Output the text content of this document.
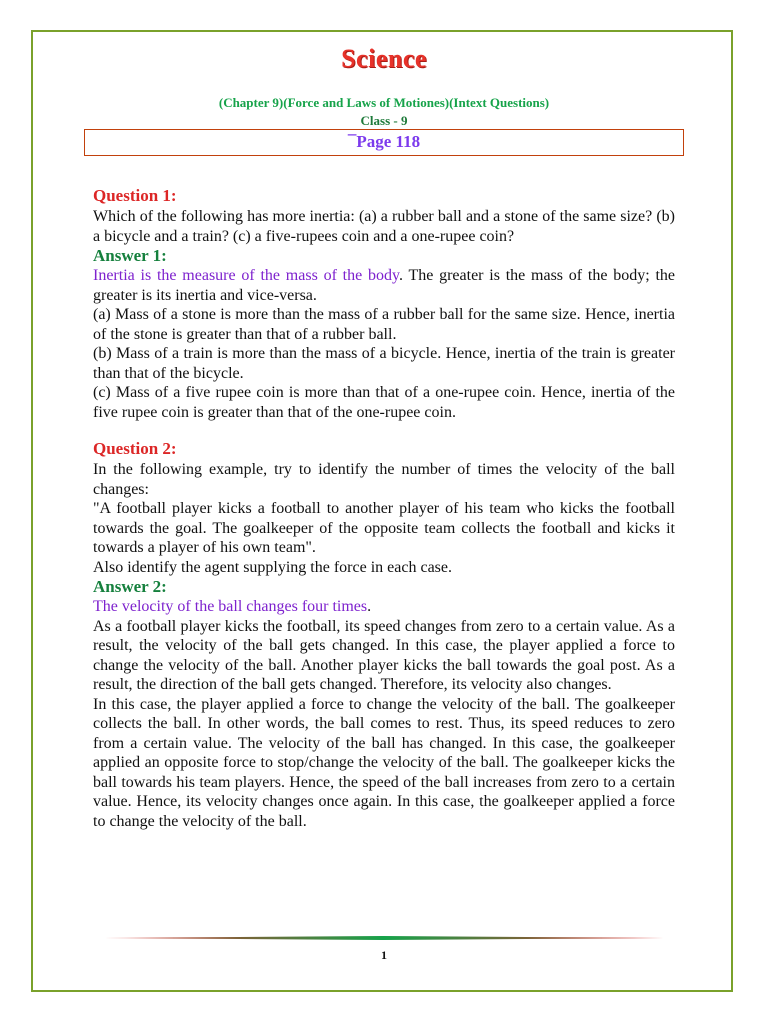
Science
(Chapter 9)(Force and Laws of Motiones)(Intext Questions)
Class - 9
¯Page 118
Question 1:

Which of the following has more inertia: (a) a rubber ball and a stone of the same size? (b) a bicycle and a train? (c) a five-rupees coin and a one-rupee coin?

Answer 1:

Inertia is the measure of the mass of the body. The greater is the mass of the body; the greater is its inertia and vice-versa.

(a) Mass of a stone is more than the mass of a rubber ball for the same size. Hence, inertia of the stone is greater than that of a rubber ball.

(b) Mass of a train is more than the mass of a bicycle. Hence, inertia of the train is greater than that of the bicycle.

(c) Mass of a five rupee coin is more than that of a one-rupee coin. Hence, inertia of the five rupee coin is greater than that of the one-rupee coin.

Question 2:

In the following example, try to identify the number of times the velocity of the ball changes:

"A football player kicks a football to another player of his team who kicks the football towards the goal. The goalkeeper of the opposite team collects the football and kicks it towards a player of his own team".

Also identify the agent supplying the force in each case.

Answer 2:

The velocity of the ball changes four times.

As a football player kicks the football, its speed changes from zero to a certain value. As a result, the velocity of the ball gets changed. In this case, the player applied a force to change the velocity of the ball. Another player kicks the ball towards the goal post. As a result, the direction of the ball gets changed. Therefore, its velocity also changes.

In this case, the player applied a force to change the velocity of the ball. The goalkeeper collects the ball. In other words, the ball comes to rest. Thus, its speed reduces to zero from a certain value. The velocity of the ball has changed. In this case, the goalkeeper applied an opposite force to stop/change the velocity of the ball. The goalkeeper kicks the ball towards his team players. Hence, the speed of the ball increases from zero to a certain value. Hence, its velocity changes once again. In this case, the goalkeeper applied a force to change the velocity of the ball.

1
